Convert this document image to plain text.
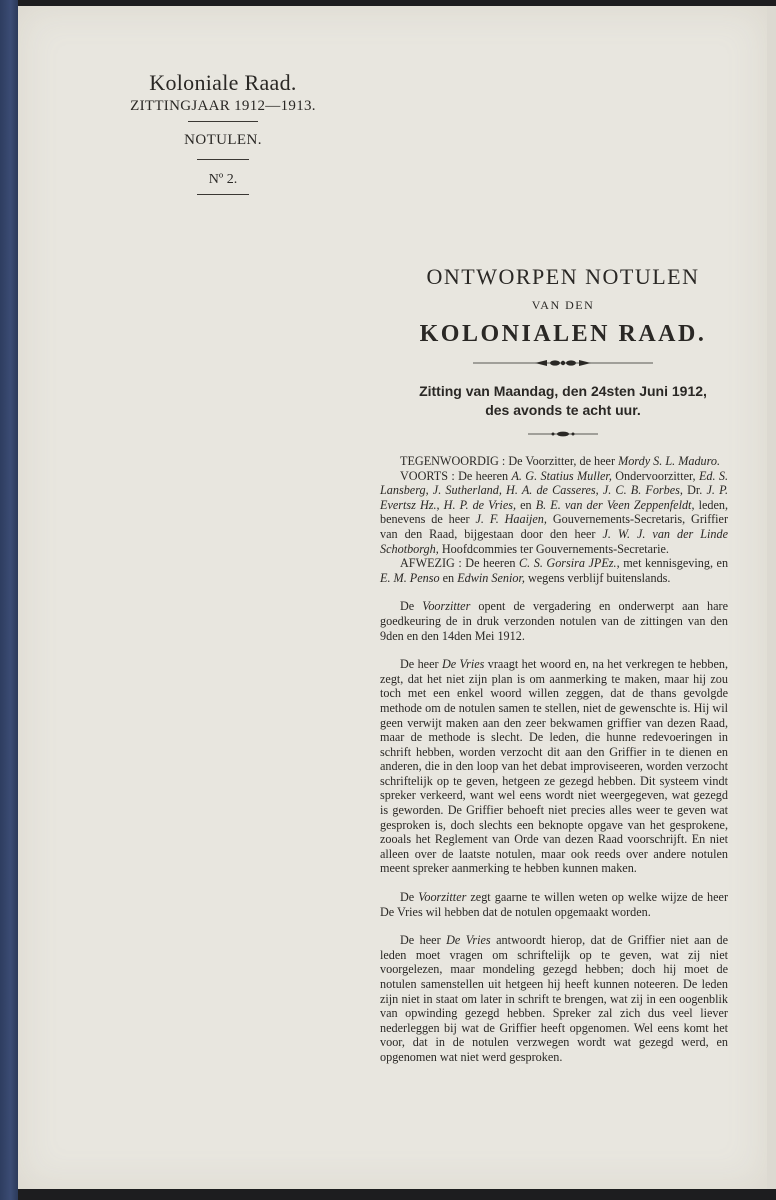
Koloniale Raad.
ZITTINGJAAR 1912—1913.
NOTULEN.
Nº 2.
ONTWORPEN NOTULEN
VAN DEN
KOLONIALEN RAAD.
Zitting van Maandag, den 24sten Juni 1912,
des avonds te acht uur.

TEGENWOORDIG : De Voorzitter, de heer Mordy S. L. Maduro.

VOORTS : De heeren A. G. Statius Muller, Ondervoorzitter, Ed. S. Lansberg, J. Sutherland, H. A. de Casseres, J. C. B. Forbes, Dr. J. P. Evertsz Hz., H. P. de Vries, en B. E. van der Veen Zeppenfeldt, leden, benevens de heer J. F. Haaijen, Gouvernements-Secretaris, Griffier van den Raad, bijgestaan door den heer J. W. J. van der Linde Schotborgh, Hoofdcommies ter Gouvernements-Secretarie.

AFWEZIG : De heeren C. S. Gorsira JPEz., met kennisgeving, en E. M. Penso en Edwin Senior, wegens verblijf buitenslands.

De Voorzitter opent de vergadering en onderwerpt aan hare goedkeuring de in druk verzonden notulen van de zittingen van den 9den en den 14den Mei 1912.

De heer De Vries vraagt het woord en, na het verkregen te hebben, zegt, dat het niet zijn plan is om aanmerking te maken, maar hij zou toch met een enkel woord willen zeggen, dat de thans gevolgde methode om de notulen samen te stellen, niet de gewenschte is. Hij wil geen verwijt maken aan den zeer bekwamen griffier van dezen Raad, maar de methode is slecht. De leden, die hunne redevoeringen in schrift hebben, worden verzocht dit aan den Griffier in te dienen en anderen, die in den loop van het debat improviseeren, worden verzocht schriftelijk op te geven, hetgeen ze gezegd hebben. Dit systeem vindt spreker verkeerd, want wel eens wordt niet weergegeven, wat gezegd is geworden. De Griffier behoeft niet precies alles weer te geven wat gesproken is, doch slechts een beknopte opgave van het gesprokene, zooals het Reglement van Orde van dezen Raad voorschrijft. En niet alleen over de laatste notulen, maar ook reeds over andere notulen meent spreker aanmerking te hebben kunnen maken.

De Voorzitter zegt gaarne te willen weten op welke wijze de heer De Vries wil hebben dat de notulen opgemaakt worden.

De heer De Vries antwoordt hierop, dat de Griffier niet aan de leden moet vragen om schriftelijk op te geven, wat zij niet voorgelezen, maar mondeling gezegd hebben; doch hij moet de notulen samenstellen uit hetgeen hij heeft kunnen noteeren. De leden zijn niet in staat om later in schrift te brengen, wat zij in een oogenblik van opwinding gezegd hebben. Spreker zal zich dus veel liever nederleggen bij wat de Griffier heeft opgenomen. Wel eens komt het voor, dat in de notulen verzwegen wordt wat gezegd werd, en opgenomen wat niet werd gesproken.
